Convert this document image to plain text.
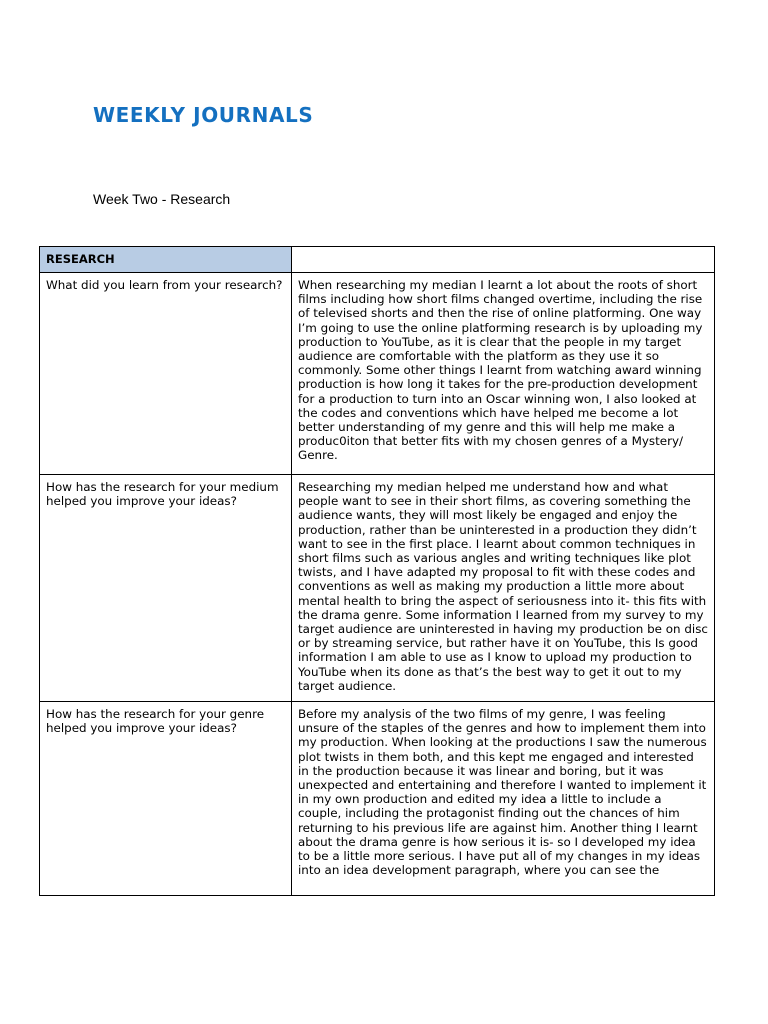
WEEKLY JOURNALS

Week Two - Research

RESEARCH	
What did you learn from your research?	When researching my median I learnt a lot about the roots of short films including how short films changed overtime, including the rise of televised shorts and then the rise of online platforming. One way I’m going to use the online platforming research is by uploading my production to YouTube, as it is clear that the people in my target audience are comfortable with the platform as they use it so commonly. Some other things I learnt from watching award winning production is how long it takes for the pre-production development for a production to turn into an Oscar winning won, I also looked at the codes and conventions which have helped me become a lot better understanding of my genre and this will help me make a produc0iton that better fits with my chosen genres of a Mystery/ Genre.

How has the research for your medium helped you improve your ideas?	Researching my median helped me understand how and what people want to see in their short films, as covering something the audience wants, they will most likely be engaged and enjoy the production, rather than be uninterested in a production they didn’t want to see in the first place. I learnt about common techniques in short films such as various angles and writing techniques like plot twists, and I have adapted my proposal to fit with these codes and conventions as well as making my production a little more about mental health to bring the aspect of seriousness into it- this fits with the drama genre. Some information I learned from my survey to my target audience are uninterested in having my production be on disc or by streaming service, but rather have it on YouTube, this Is good information I am able to use as I know to upload my production to YouTube when its done as that’s the best way to get it out to my target audience.

How has the research for your genre helped you improve your ideas?	Before my analysis of the two films of my genre, I was feeling unsure of the staples of the genres and how to implement them into my production. When looking at the productions I saw the numerous plot twists in them both, and this kept me engaged and interested in the production because it was linear and boring, but it was unexpected and entertaining and therefore I wanted to implement it in my own production and edited my idea a little to include a couple, including the protagonist finding out the chances of him returning to his previous life are against him. Another thing I learnt about the drama genre is how serious it is- so I developed my idea to be a little more serious. I have put all of my changes in my ideas into an idea development paragraph, where you can see the
